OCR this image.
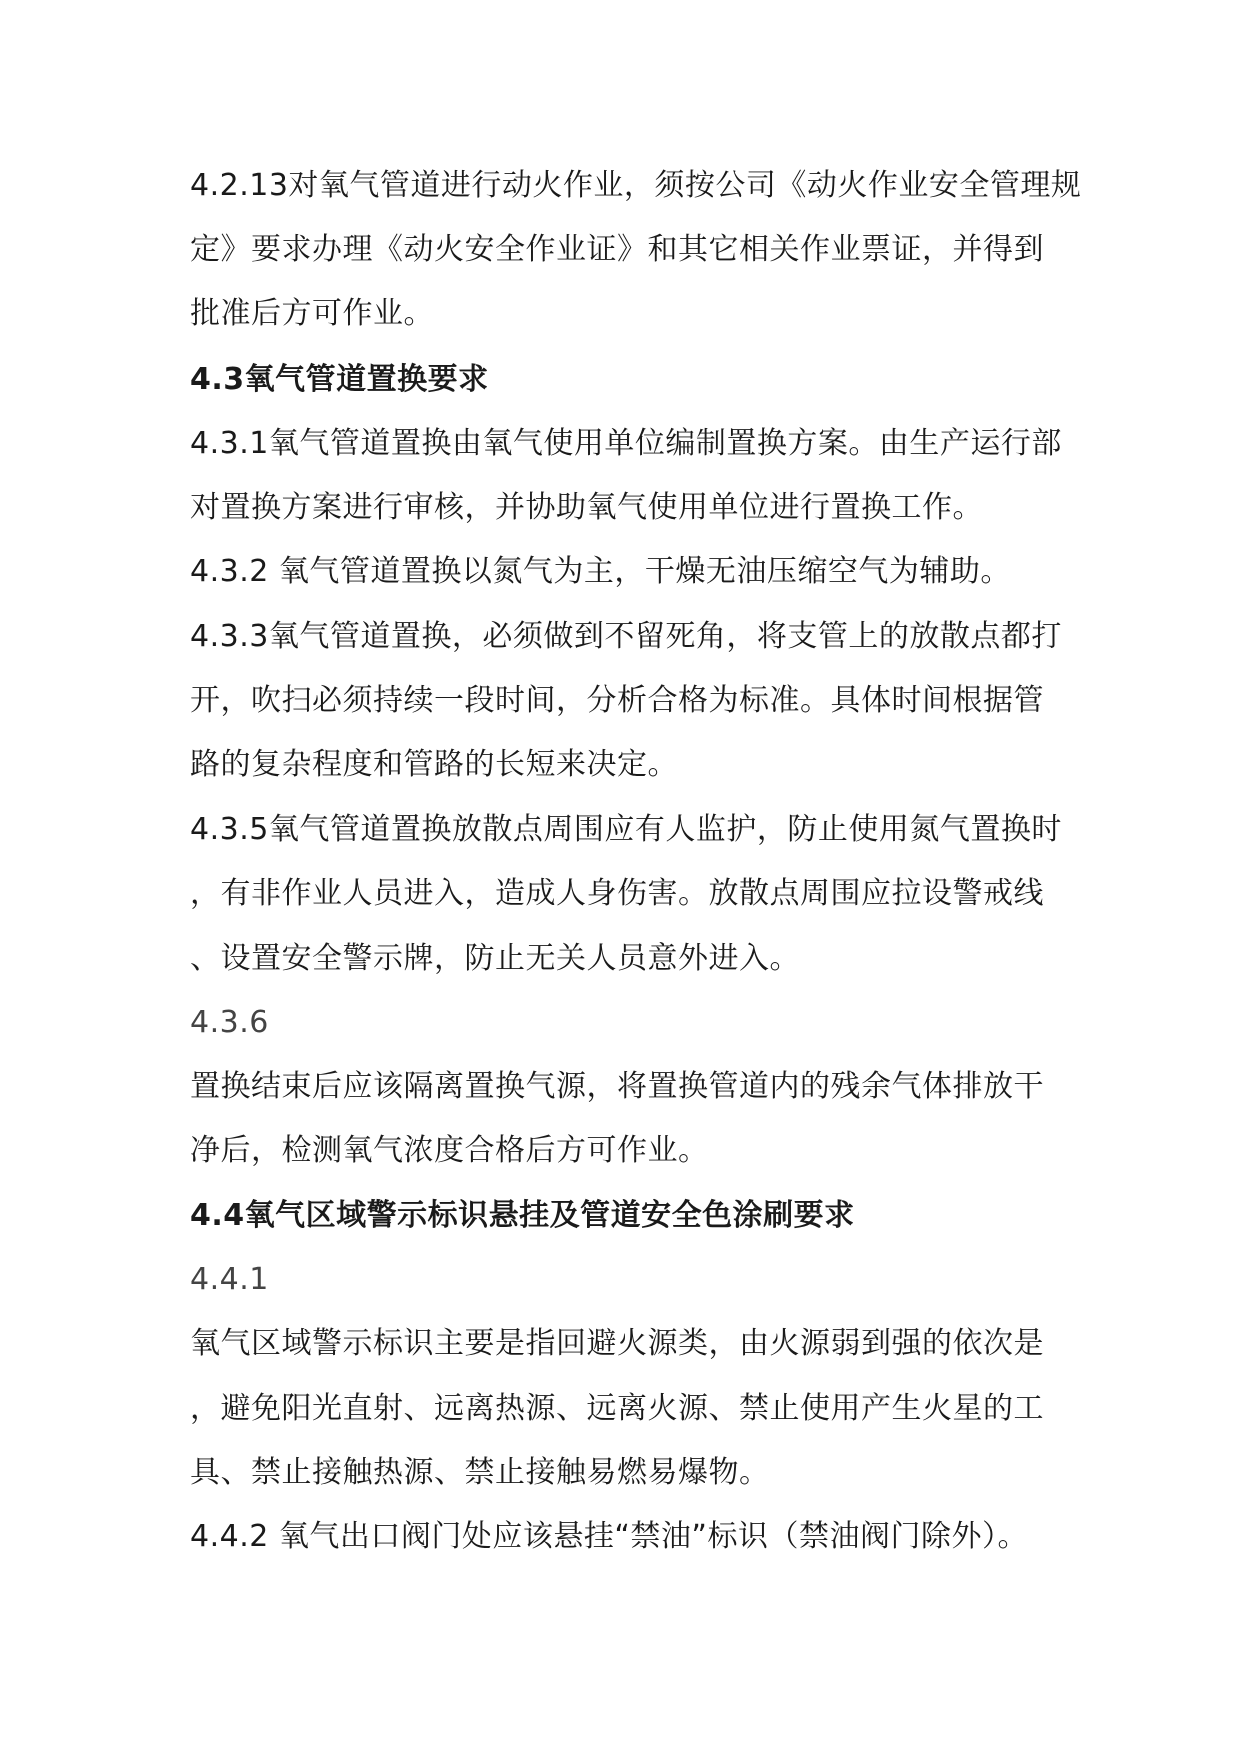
4.2.13对氧气管道进行动火作业，须按公司《动火作业安全管理规
定》要求办理《动火安全作业证》和其它相关作业票证，并得到
批准后方可作业。
4.3氧气管道置换要求
4.3.1氧气管道置换由氧气使用单位编制置换方案。由生产运行部
对置换方案进行审核，并协助氧气使用单位进行置换工作。
4.3.2 氧气管道置换以氮气为主，干燥无油压缩空气为辅助。
4.3.3氧气管道置换，必须做到不留死角，将支管上的放散点都打
开，吹扫必须持续一段时间，分析合格为标准。具体时间根据管
路的复杂程度和管路的长短来决定。
4.3.5氧气管道置换放散点周围应有人监护，防止使用氮气置换时
，有非作业人员进入，造成人身伤害。放散点周围应拉设警戒线
、设置安全警示牌，防止无关人员意外进入。
4.3.6
置换结束后应该隔离置换气源，将置换管道内的残余气体排放干
净后，检测氧气浓度合格后方可作业。
4.4氧气区域警示标识悬挂及管道安全色涂刷要求
4.4.1
氧气区域警示标识主要是指回避火源类，由火源弱到强的依次是
，避免阳光直射、远离热源、远离火源、禁止使用产生火星的工
具、禁止接触热源、禁止接触易燃易爆物。
4.4.2 氧气出口阀门处应该悬挂“禁油”标识（禁油阀门除外）。
